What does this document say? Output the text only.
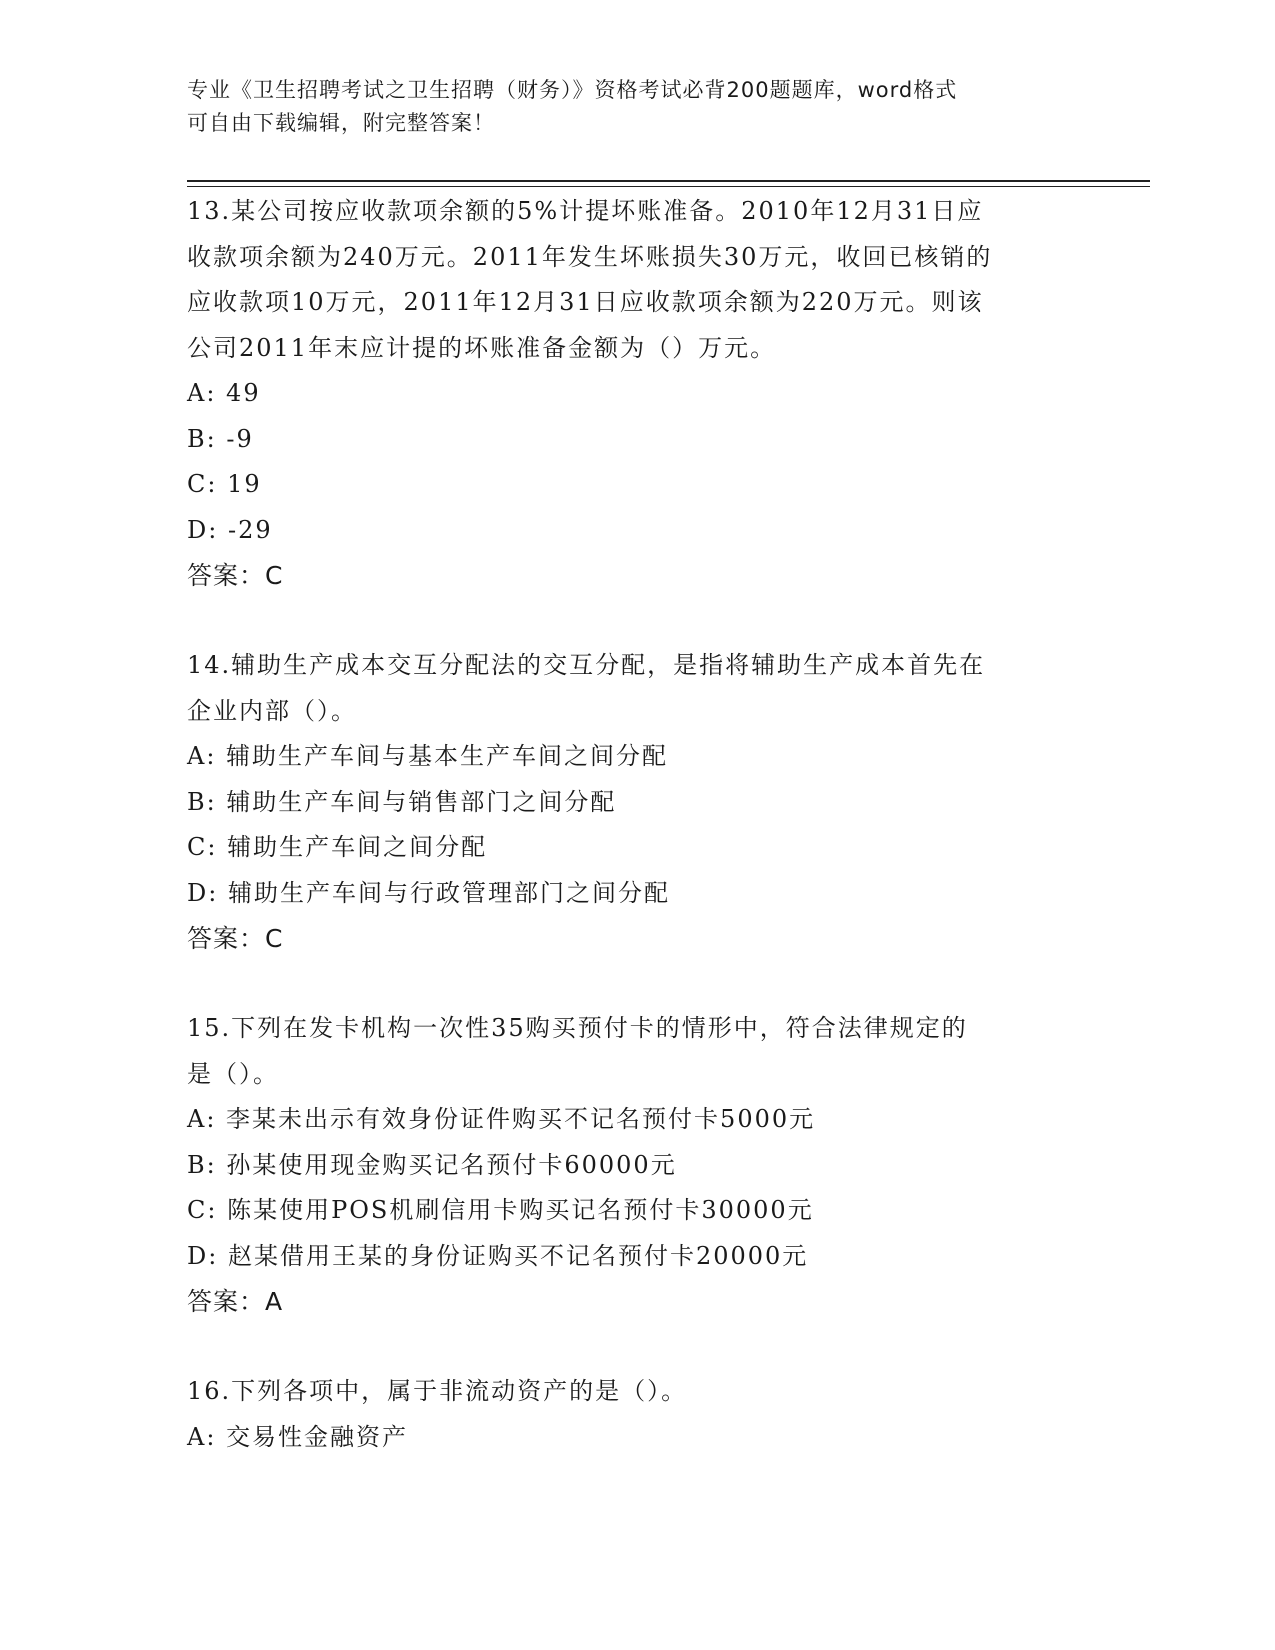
专业《卫生招聘考试之卫生招聘（财务）》资格考试必背200题题库，word格式
可自由下载编辑，附完整答案！
13.某公司按应收款项余额的5%计提坏账准备。2010年12月31日应
收款项余额为240万元。2011年发生坏账损失30万元，收回已核销的
应收款项10万元，2011年12月31日应收款项余额为220万元。则该
公司2011年末应计提的坏账准备金额为（）万元。
A: 49
B: -9
C: 19
D: -29
答案：C
14.辅助生产成本交互分配法的交互分配，是指将辅助生产成本首先在
企业内部（）。
A: 辅助生产车间与基本生产车间之间分配
B: 辅助生产车间与销售部门之间分配
C: 辅助生产车间之间分配
D: 辅助生产车间与行政管理部门之间分配
答案：C
15.下列在发卡机构一次性35购买预付卡的情形中，符合法律规定的
是（）。
A: 李某未出示有效身份证件购买不记名预付卡5000元
B: 孙某使用现金购买记名预付卡60000元
C: 陈某使用POS机刷信用卡购买记名预付卡30000元
D: 赵某借用王某的身份证购买不记名预付卡20000元
答案：A
16.下列各项中，属于非流动资产的是（）。
A: 交易性金融资产
